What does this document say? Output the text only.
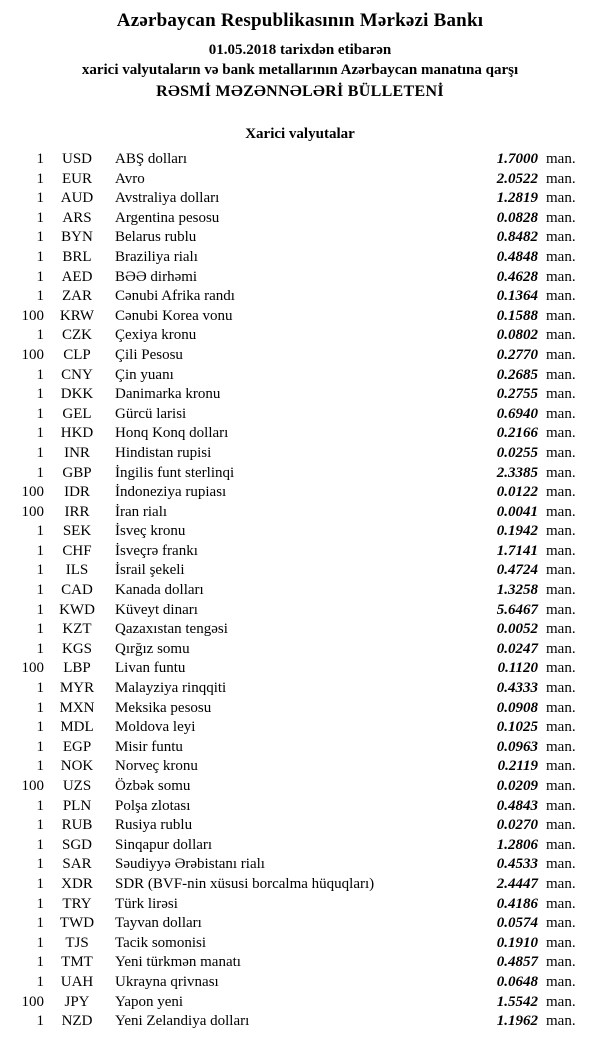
Azərbaycan Respublikasının Mərkəzi Bankı
01.05.2018 tarixdən etibarən
xarici valyutaların və bank metallarının Azərbaycan manatına qarşı
RƏSMİ MƏZƏNNƏLƏRİ BÜLLETENİ
Xarici valyutalar
1	USD	ABŞ dolları	1.7000 man.
1	EUR	Avro	2.0522 man.
1	AUD	Avstraliya dolları	1.2819 man.
1	ARS	Argentina pesosu	0.0828 man.
1	BYN	Belarus rublu	0.8482 man.
1	BRL	Braziliya rialı	0.4848 man.
1	AED	BƏƏ dirhəmi	0.4628 man.
1	ZAR	Cənubi Afrika randı	0.1364 man.
100	KRW	Cənubi Korea vonu	0.1588 man.
1	CZK	Çexiya kronu	0.0802 man.
100	CLP	Çili Pesosu	0.2770 man.
1	CNY	Çin yuanı	0.2685 man.
1	DKK	Danimarka kronu	0.2755 man.
1	GEL	Gürcü larisi	0.6940 man.
1	HKD	Honq Konq dolları	0.2166 man.
1	INR	Hindistan rupisi	0.0255 man.
1	GBP	İngilis funt sterlinqi	2.3385 man.
100	IDR	İndoneziya rupiası	0.0122 man.
100	IRR	İran rialı	0.0041 man.
1	SEK	İsveç kronu	0.1942 man.
1	CHF	İsveçrə frankı	1.7141 man.
1	ILS	İsrail şekeli	0.4724 man.
1	CAD	Kanada dolları	1.3258 man.
1	KWD	Küveyt dinarı	5.6467 man.
1	KZT	Qazaxıstan tengəsi	0.0052 man.
1	KGS	Qırğız somu	0.0247 man.
100	LBP	Livan funtu	0.1120 man.
1	MYR	Malayziya rinqqiti	0.4333 man.
1	MXN	Meksika pesosu	0.0908 man.
1	MDL	Moldova leyi	0.1025 man.
1	EGP	Misir funtu	0.0963 man.
1	NOK	Norveç kronu	0.2119 man.
100	UZS	Özbək somu	0.0209 man.
1	PLN	Polşa zlotası	0.4843 man.
1	RUB	Rusiya rublu	0.0270 man.
1	SGD	Sinqapur dolları	1.2806 man.
1	SAR	Səudiyyə Ərəbistanı rialı	0.4533 man.
1	XDR	SDR (BVF-nin xüsusi borcalma hüquqları)	2.4447 man.
1	TRY	Türk lirəsi	0.4186 man.
1	TWD	Tayvan dolları	0.0574 man.
1	TJS	Tacik somonisi	0.1910 man.
1	TMT	Yeni türkmən manatı	0.4857 man.
1	UAH	Ukrayna qrivnası	0.0648 man.
100	JPY	Yapon yeni	1.5542 man.
1	NZD	Yeni Zelandiya dolları	1.1962 man.
